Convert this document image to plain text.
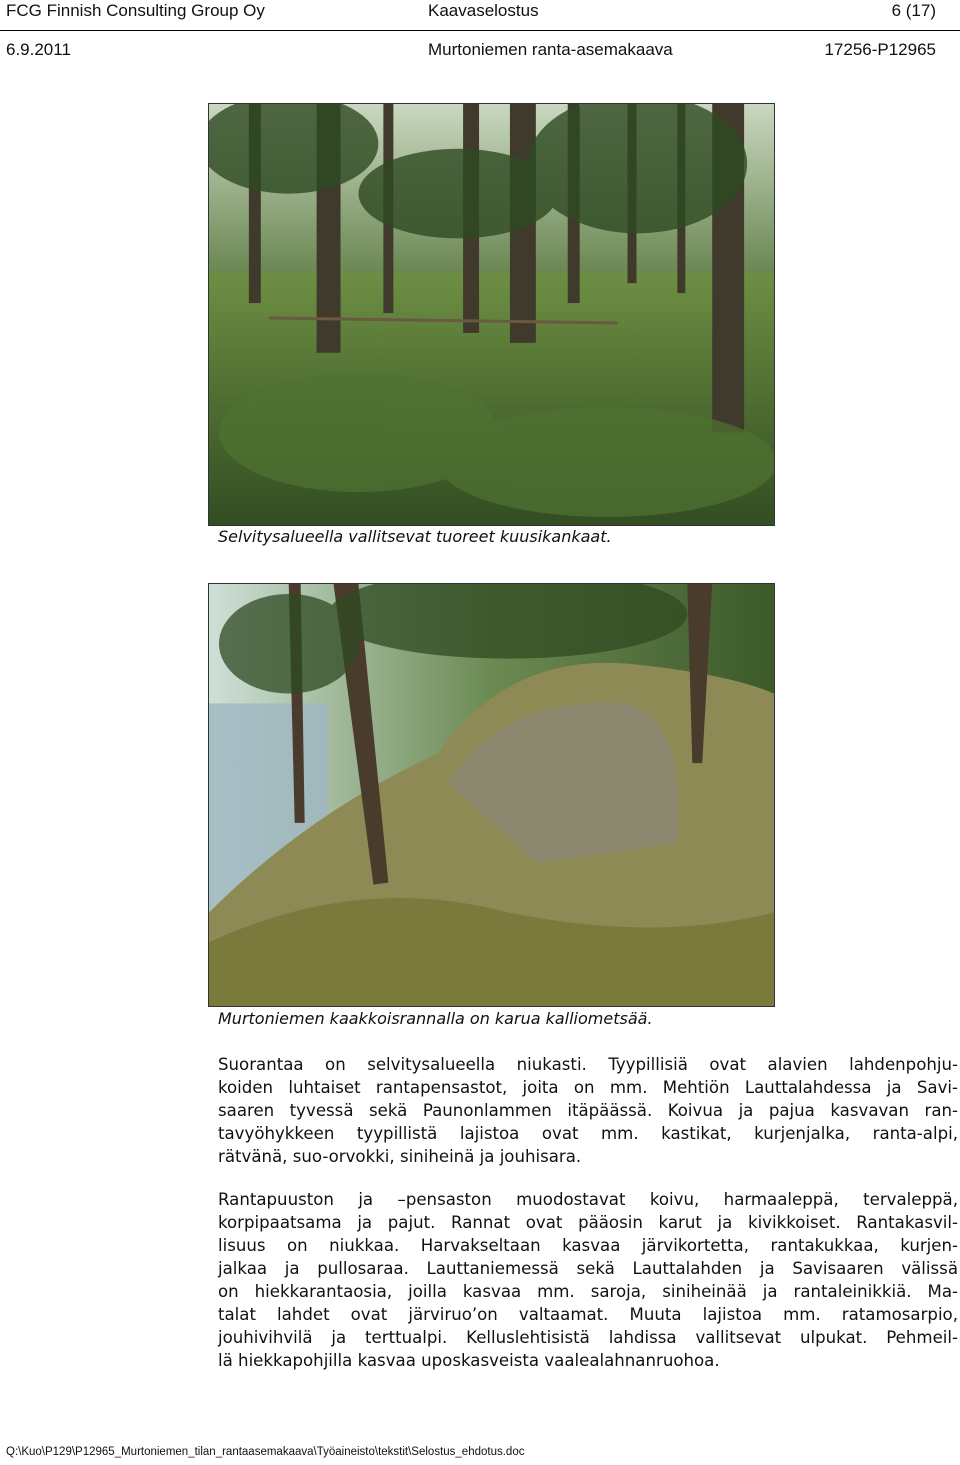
FCG Finnish Consulting Group Oy	Kaavaselostus	6 (17)
6.9.2011	Murtoniemen ranta-asemakaava	17256-P12965
Selvitysalueella vallitsevat tuoreet kuusikankaat.
Murtoniemen kaakkoisrannalla on karua kalliometsää.
Suorantaa on selvitysalueella niukasti. Tyypillisiä ovat alavien lahdenpohju-
koiden luhtaiset rantapensastot, joita on mm. Mehtiön Lauttalahdessa ja Savi-
saaren tyvessä sekä Paunonlammen itäpäässä. Koivua ja pajua kasvavan ran-
tavyöhykkeen tyypillistä lajistoa ovat mm. kastikat, kurjenjalka, ranta-alpi,
rätvänä, suo-orvokki, siniheinä ja jouhisara.
Rantapuuston ja –pensaston muodostavat koivu, harmaaleppä, tervaleppä,
korpipaatsama ja pajut. Rannat ovat pääosin karut ja kivikkoiset. Rantakasvil-
lisuus on niukkaa. Harvakseltaan kasvaa järvikortetta, rantakukkaa, kurjen-
jalkaa ja pullosaraa. Lauttaniemessä sekä Lauttalahden ja Savisaaren välissä
on hiekkarantaosia, joilla kasvaa mm. saroja, siniheinää ja rantaleinikkiä. Ma-
talat lahdet ovat järviruo’on valtaamat. Muuta lajistoa mm. ratamosarpio,
jouhivihvilä ja terttualpi. Kelluslehtisistä lahdissa vallitsevat ulpukat. Pehmeil-
lä hiekkapohjilla kasvaa uposkasveista vaalealahnanruohoa.
Q:\Kuo\P129\P12965_Murtoniemen_tilan_rantaasemakaava\Työaineisto\tekstit\Selostus_ehdotus.doc
